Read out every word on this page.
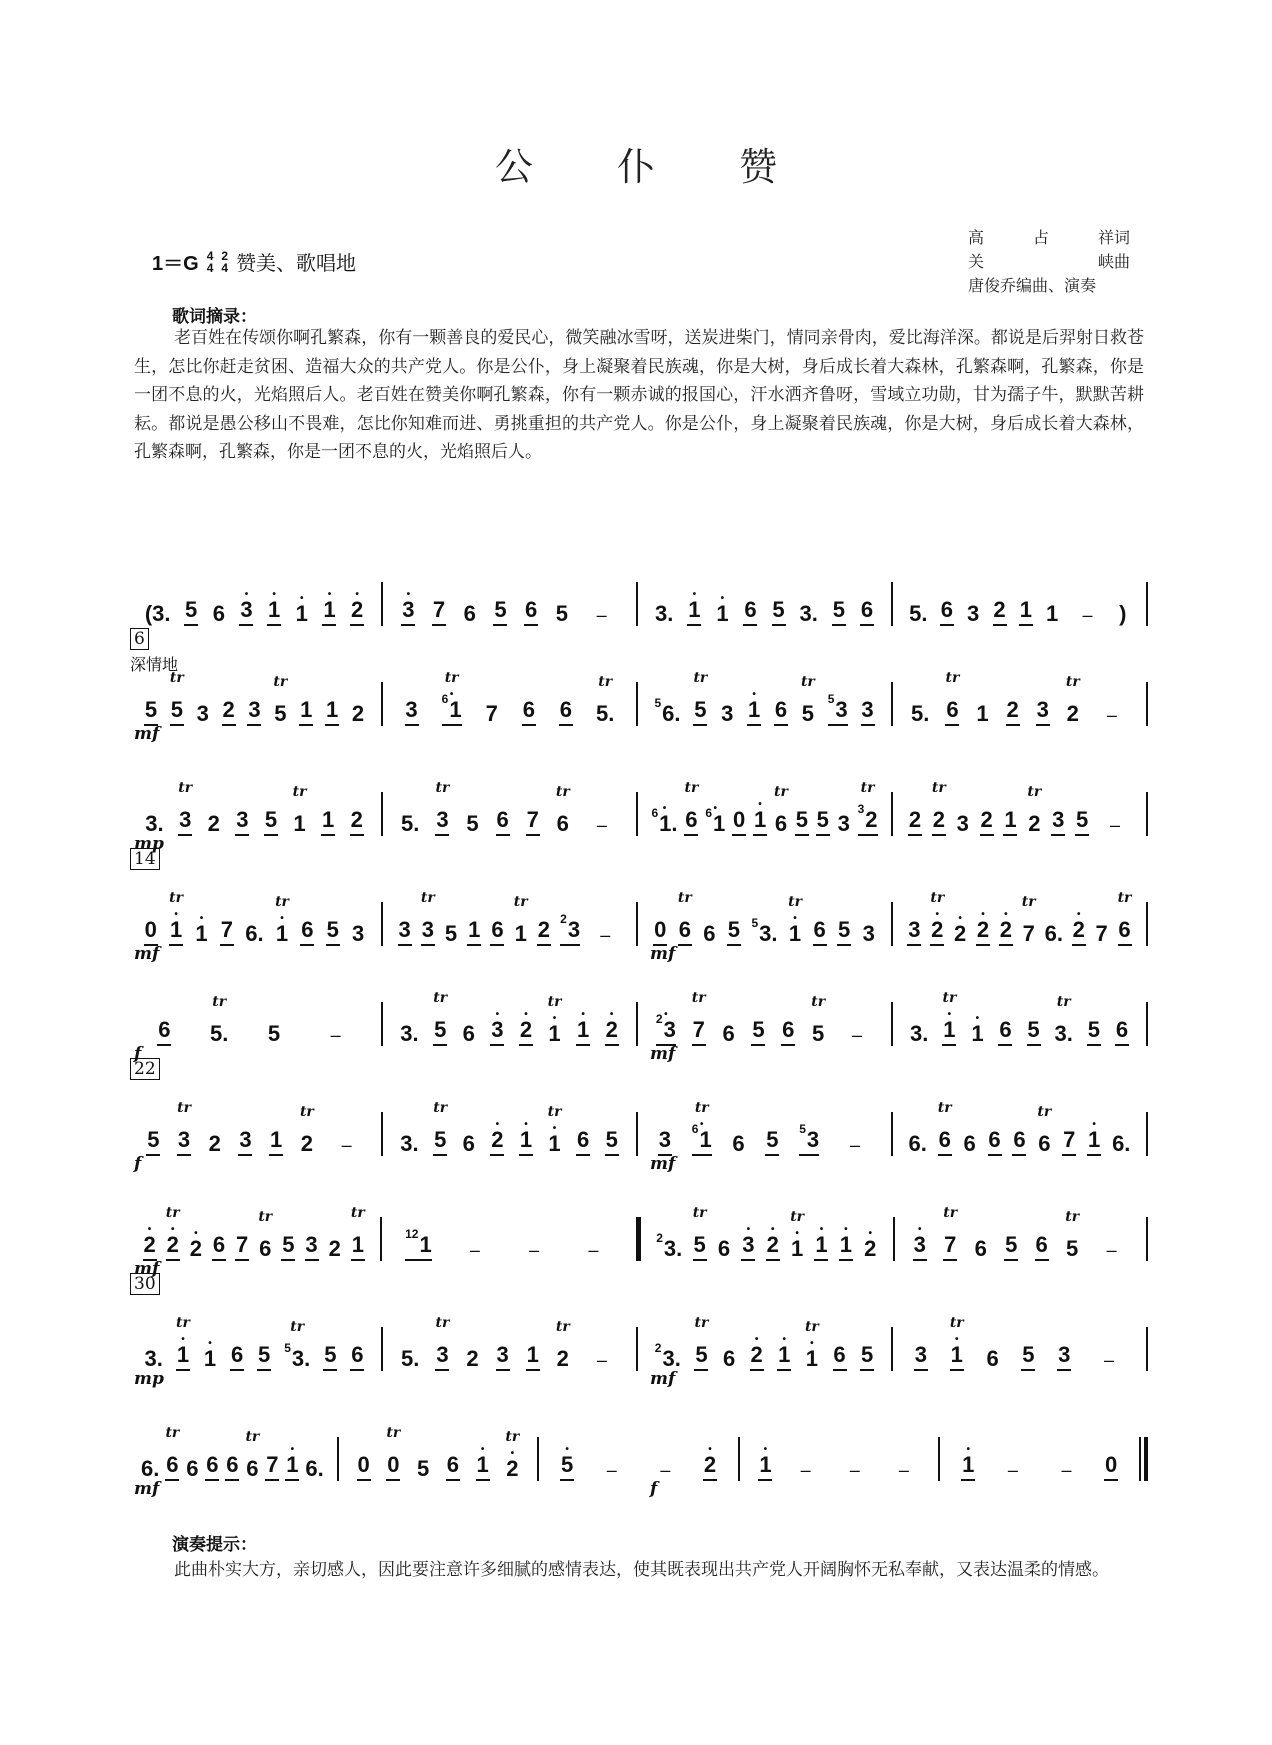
公 仆 赞
1＝G 4
4
2
4 赞美、歌唱地
高	占	祥词
关	峡曲
唐俊乔编曲、演奏
歌词摘录：
老百姓在传颂你啊孔繁森，你有一颗善良的爱民心，微笑融冰雪呀，送炭进柴门，情同亲骨肉，爱比海洋深。都说是后羿射日救苍生，怎比你赶走贫困、造福大众的共产党人。你是公仆，身上凝聚着民族魂，你是大树，身后成长着大森林，孔繁森啊，孔繁森，你是一团不息的火，光焰照后人。老百姓在赞美你啊孔繁森，你有一颗赤诚的报国心，汗水洒齐鲁呀，雪域立功勋，甘为孺子牛，默默苦耕耘。都说是愚公移山不畏难，怎比你知难而进、勇挑重担的共产党人。你是公仆，身上凝聚着民族魂，你是大树，身后成长着大森林，孔繁森啊，孔繁森，你是一团不息的火，光焰照后人。
(3. 5 6
•
3
•
1 •
1
•
1
•
2
•
3 7 6 5 6 5 – 3.
•
1 •
1 6 5 3. 5 6 5. 6 3 2 1 1 – )
6
深情地
5 5
tr
3 2 3 5
tr
1 1 2 3
•
$^6$1
tr
7 6 6 5.
tr
$^5$6. 5
tr
3
•
1 6 5
tr
$^5$3 3 5. 6
tr
1 2 3 2
tr
–
mf
3. 3
tr
2 3 5 1
tr
1 2 5. 3
tr
5 6 7 6
tr
–
•
$^6$1. 6
tr
•
$^6$1 0
•
1 6
tr
5 5 3
$^3$2
tr
2 2
tr
3 2 1 2
tr
3 5 –
mp
14
0
•
1
tr
•
1 7 6.
•
1
tr
6 5 3 3 3
tr
5 1 6 1
tr
2 $^2$3 – 0 6
tr
6 5 $^5$3.
•
1
tr
6 5 3 3
•
2
tr
•
2
•
2
•
2 7
tr
6.
•
2 7 6
tr
mf	mf
6 5.
tr
5	–	3. 5
tr
6
•
3
•
2 •
1
tr
•
1
•
2
•
$^2$3 7
tr
6 5 6 5
tr
– 3.
•
1
tr
•
1 6 5 3.
tr
5 6
f	mf
22
5 3
tr
2 3 1 2
tr
– 3. 5
tr
6
•
2
•
1 •
1
tr
6 5 3
•
$^6$1
tr
6 5 $^5$3 – 6. 6
tr
6 6 6 6
tr
7
•
1 6.
f	mf
•
2
•
2
tr
•
2 6 7 6
tr
5 3 2 1
tr
$^{12}$1 –	–	–
$^2$3. 5
tr
6
•
3
•
2 •
1
tr
•
1
•
1 •
2
•
3 7
tr
6 5 6 5
tr
–
mf
30
3.
•
1
tr
•
1 6 5 $^5$3.
tr
5 6 5. 3
tr
2 3 1 2
tr
–
$^2$3. 5
tr
6
•
2
•
1 •
1
tr
6 5 3
•
1
tr
6 5 3 –
mp	mf
6. 6
tr
6 6 6 6
tr
7
•
1 6. 0 0
tr
5 6
•
1 •
2
tr
•
5 – –
•
2
•
1 – – –
•
1 – – 0
mf	f
演奏提示：
此曲朴实大方，亲切感人，因此要注意许多细腻的感情表达，使其既表现出共产党人开阔胸怀无私奉献，又表达温柔的情感。
